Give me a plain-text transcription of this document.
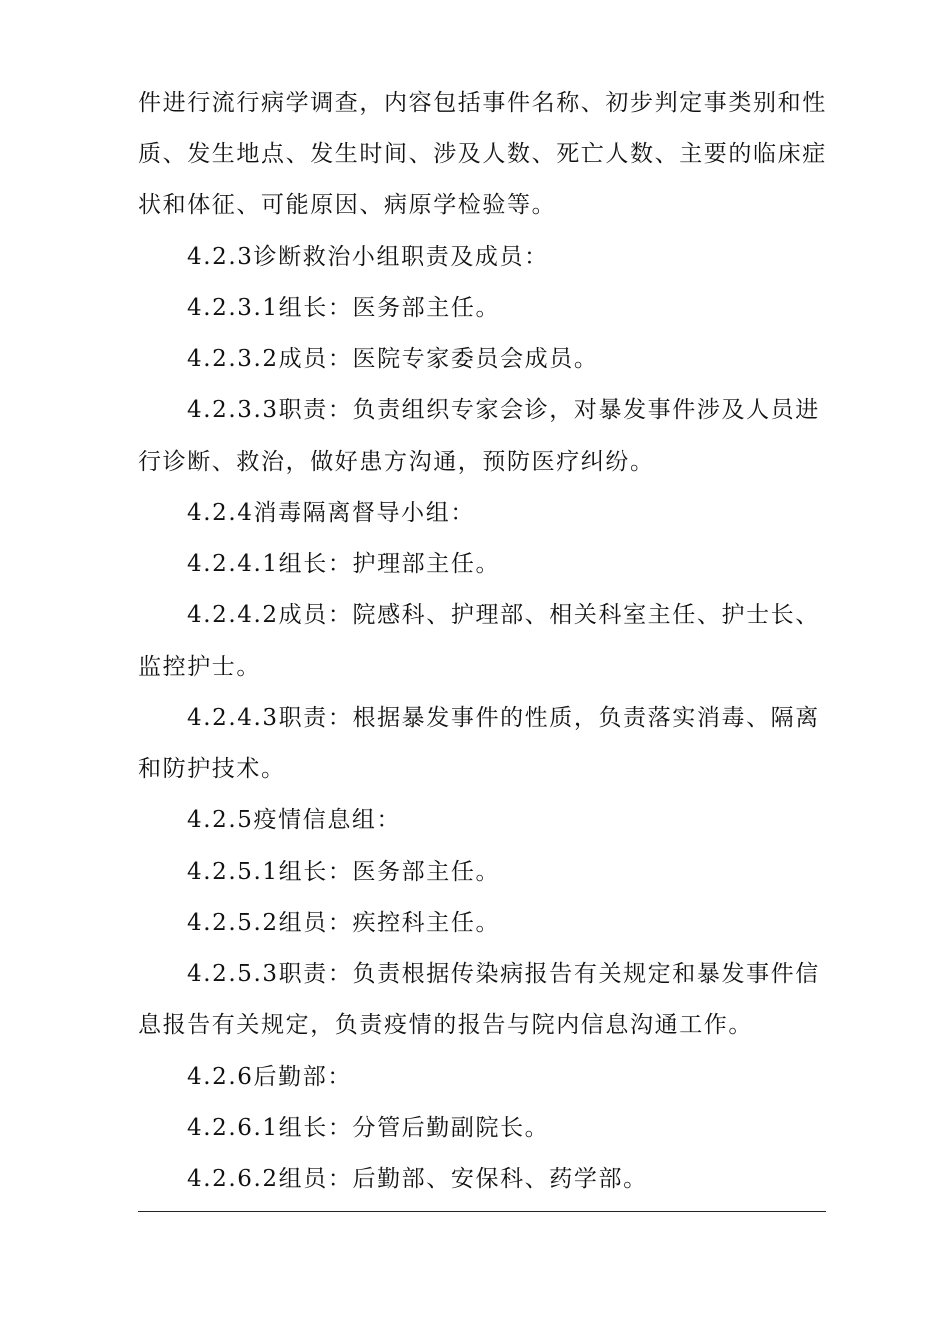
件进行流行病学调查，内容包括事件名称、初步判定事类别和性
质、发生地点、发生时间、涉及人数、死亡人数、主要的临床症
状和体征、可能原因、病原学检验等。
4.2.3诊断救治小组职责及成员：
4.2.3.1组长：医务部主任。
4.2.3.2成员：医院专家委员会成员。
4.2.3.3职责：负责组织专家会诊，对暴发事件涉及人员进
行诊断、救治，做好患方沟通，预防医疗纠纷。
4.2.4消毒隔离督导小组：
4.2.4.1组长：护理部主任。
4.2.4.2成员：院感科、护理部、相关科室主任、护士长、
监控护士。
4.2.4.3职责：根据暴发事件的性质，负责落实消毒、隔离
和防护技术。
4.2.5疫情信息组：
4.2.5.1组长：医务部主任。
4.2.5.2组员：疾控科主任。
4.2.5.3职责：负责根据传染病报告有关规定和暴发事件信
息报告有关规定，负责疫情的报告与院内信息沟通工作。
4.2.6后勤部：
4.2.6.1组长：分管后勤副院长。
4.2.6.2组员：后勤部、安保科、药学部。
